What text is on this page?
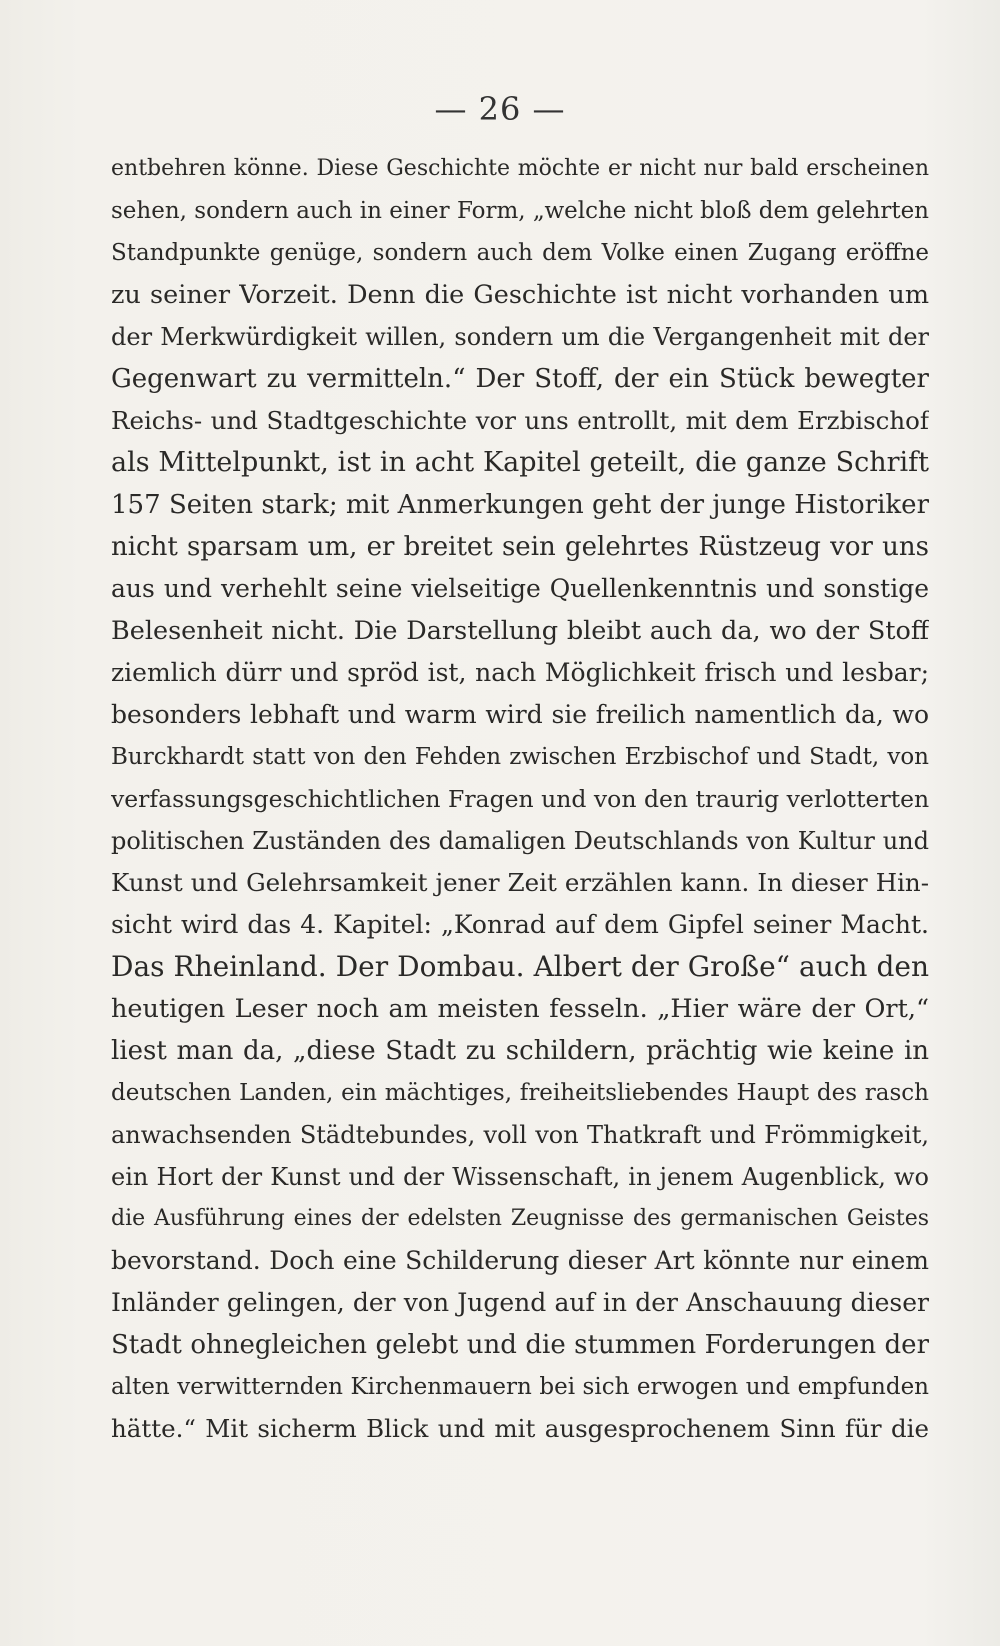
— 26 —
entbehren könne. Diese Geschichte möchte er nicht nur bald erscheinen
sehen, sondern auch in einer Form, „welche nicht bloß dem gelehrten
Standpunkte genüge, sondern auch dem Volke einen Zugang eröffne
zu seiner Vorzeit. Denn die Geschichte ist nicht vorhanden um
der Merkwürdigkeit willen, sondern um die Vergangenheit mit der
Gegenwart zu vermitteln.“ Der Stoff, der ein Stück bewegter
Reichs- und Stadtgeschichte vor uns entrollt, mit dem Erzbischof
als Mittelpunkt, ist in acht Kapitel geteilt, die ganze Schrift
157 Seiten stark; mit Anmerkungen geht der junge Historiker
nicht sparsam um, er breitet sein gelehrtes Rüstzeug vor uns
aus und verhehlt seine vielseitige Quellenkenntnis und sonstige
Belesenheit nicht. Die Darstellung bleibt auch da, wo der Stoff
ziemlich dürr und spröd ist, nach Möglichkeit frisch und lesbar;
besonders lebhaft und warm wird sie freilich namentlich da, wo
Burckhardt statt von den Fehden zwischen Erzbischof und Stadt, von
verfassungsgeschichtlichen Fragen und von den traurig verlotterten
politischen Zuständen des damaligen Deutschlands von Kultur und
Kunst und Gelehrsamkeit jener Zeit erzählen kann. In dieser Hin-
sicht wird das 4. Kapitel: „Konrad auf dem Gipfel seiner Macht.
Das Rheinland. Der Dombau. Albert der Große“ auch den
heutigen Leser noch am meisten fesseln. „Hier wäre der Ort,“
liest man da, „diese Stadt zu schildern, prächtig wie keine in
deutschen Landen, ein mächtiges, freiheitsliebendes Haupt des rasch
anwachsenden Städtebundes, voll von Thatkraft und Frömmigkeit,
ein Hort der Kunst und der Wissenschaft, in jenem Augenblick, wo
die Ausführung eines der edelsten Zeugnisse des germanischen Geistes
bevorstand. Doch eine Schilderung dieser Art könnte nur einem
Inländer gelingen, der von Jugend auf in der Anschauung dieser
Stadt ohnegleichen gelebt und die stummen Forderungen der
alten verwitternden Kirchenmauern bei sich erwogen und empfunden
hätte.“ Mit sicherm Blick und mit ausgesprochenem Sinn für die
